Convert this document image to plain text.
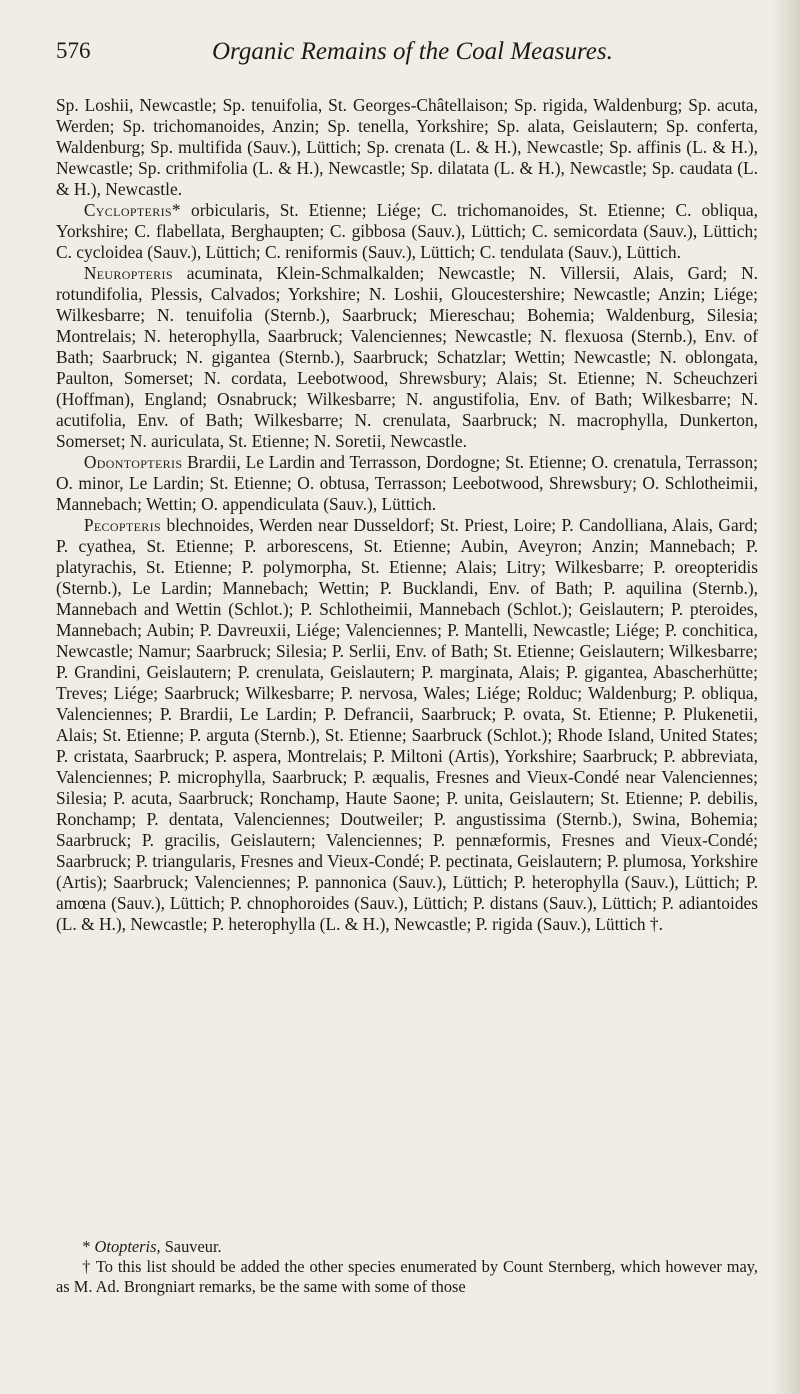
576	Organic Remains of the Coal Measures.

Sp. Loshii, Newcastle; Sp. tenuifolia, St. Georges-Châtellaison; Sp. rigida, Waldenburg; Sp. acuta, Werden; Sp. trichomanoides, Anzin; Sp. tenella, Yorkshire; Sp. alata, Geislautern; Sp. conferta, Waldenburg; Sp. multifida (Sauv.), Lüttich; Sp. crenata (L. & H.), Newcastle; Sp. affinis (L. & H.), Newcastle; Sp. crithmifolia (L. & H.), Newcastle; Sp. dilatata (L. & H.), Newcastle; Sp. caudata (L. & H.), Newcastle.

Cyclopteris* orbicularis, St. Etienne; Liége; C. trichomanoides, St. Etienne; C. obliqua, Yorkshire; C. flabellata, Berghaupten; C. gibbosa (Sauv.), Lüttich; C. semicordata (Sauv.), Lüttich; C. cycloidea (Sauv.), Lüttich; C. reniformis (Sauv.), Lüttich; C. tendulata (Sauv.), Lüttich.

Neuropteris acuminata, Klein-Schmalkalden; Newcastle; N. Villersii, Alais, Gard; N. rotundifolia, Plessis, Calvados; Yorkshire; N. Loshii, Gloucestershire; Newcastle; Anzin; Liége; Wilkesbarre; N. tenuifolia (Sternb.), Saarbruck; Miereschau; Bohemia; Waldenburg, Silesia; Montrelais; N. heterophylla, Saarbruck; Valenciennes; Newcastle; N. flexuosa (Sternb.), Env. of Bath; Saarbruck; N. gigantea (Sternb.), Saarbruck; Schatzlar; Wettin; Newcastle; N. oblongata, Paulton, Somerset; N. cordata, Leebotwood, Shrewsbury; Alais; St. Etienne; N. Scheuchzeri (Hoffman), England; Osnabruck; Wilkesbarre; N. angustifolia, Env. of Bath; Wilkesbarre; N. acutifolia, Env. of Bath; Wilkesbarre; N. crenulata, Saarbruck; N. macrophylla, Dunkerton, Somerset; N. auriculata, St. Etienne; N. Soretii, Newcastle.

Odontopteris Brardii, Le Lardin and Terrasson, Dordogne; St. Etienne; O. crenatula, Terrasson; O. minor, Le Lardin; St. Etienne; O. obtusa, Terrasson; Leebotwood, Shrewsbury; O. Schlotheimii, Mannebach; Wettin; O. appendiculata (Sauv.), Lüttich.

Pecopteris blechnoides, Werden near Dusseldorf; St. Priest, Loire; P. Candolliana, Alais, Gard; P. cyathea, St. Etienne; P. arborescens, St. Etienne; Aubin, Aveyron; Anzin; Mannebach; P. platyrachis, St. Etienne; P. polymorpha, St. Etienne; Alais; Litry; Wilkesbarre; P. oreopteridis (Sternb.), Le Lardin; Mannebach; Wettin; P. Bucklandi, Env. of Bath; P. aquilina (Sternb.), Mannebach and Wettin (Schlot.); P. Schlotheimii, Mannebach (Schlot.); Geislautern; P. pteroides, Mannebach; Aubin; P. Davreuxii, Liége; Valenciennes; P. Mantelli, Newcastle; Liége; P. conchitica, Newcastle; Namur; Saarbruck; Silesia; P. Serlii, Env. of Bath; St. Etienne; Geislautern; Wilkesbarre; P. Grandini, Geislautern; P. crenulata, Geislautern; P. marginata, Alais; P. gigantea, Abascherhütte; Treves; Liége; Saarbruck; Wilkesbarre; P. nervosa, Wales; Liége; Rolduc; Waldenburg; P. obliqua, Valenciennes; P. Brardii, Le Lardin; P. Defrancii, Saarbruck; P. ovata, St. Etienne; P. Plukenetii, Alais; St. Etienne; P. arguta (Sternb.), St. Etienne; Saarbruck (Schlot.); Rhode Island, United States; P. cristata, Saarbruck; P. aspera, Montrelais; P. Miltoni (Artis), Yorkshire; Saarbruck; P. abbreviata, Valenciennes; P. microphylla, Saarbruck; P. æqualis, Fresnes and Vieux-Condé near Valenciennes; Silesia; P. acuta, Saarbruck; Ronchamp, Haute Saone; P. unita, Geislautern; St. Etienne; P. debilis, Ronchamp; P. dentata, Valenciennes; Doutweiler; P. angustissima (Sternb.), Swina, Bohemia; Saarbruck; P. gracilis, Geislautern; Valenciennes; P. pennæformis, Fresnes and Vieux-Condé; Saarbruck; P. triangularis, Fresnes and Vieux-Condé; P. pectinata, Geislautern; P. plumosa, Yorkshire (Artis); Saarbruck; Valenciennes; P. pannonica (Sauv.), Lüttich; P. heterophylla (Sauv.), Lüttich; P. amœna (Sauv.), Lüttich; P. chnophoroides (Sauv.), Lüttich; P. distans (Sauv.), Lüttich; P. adiantoides (L. & H.), Newcastle; P. heterophylla (L. & H.), Newcastle; P. rigida (Sauv.), Lüttich †.

* Otopteris, Sauveur.

† To this list should be added the other species enumerated by Count Sternberg, which however may, as M. Ad. Brongniart remarks, be the same with some of those
